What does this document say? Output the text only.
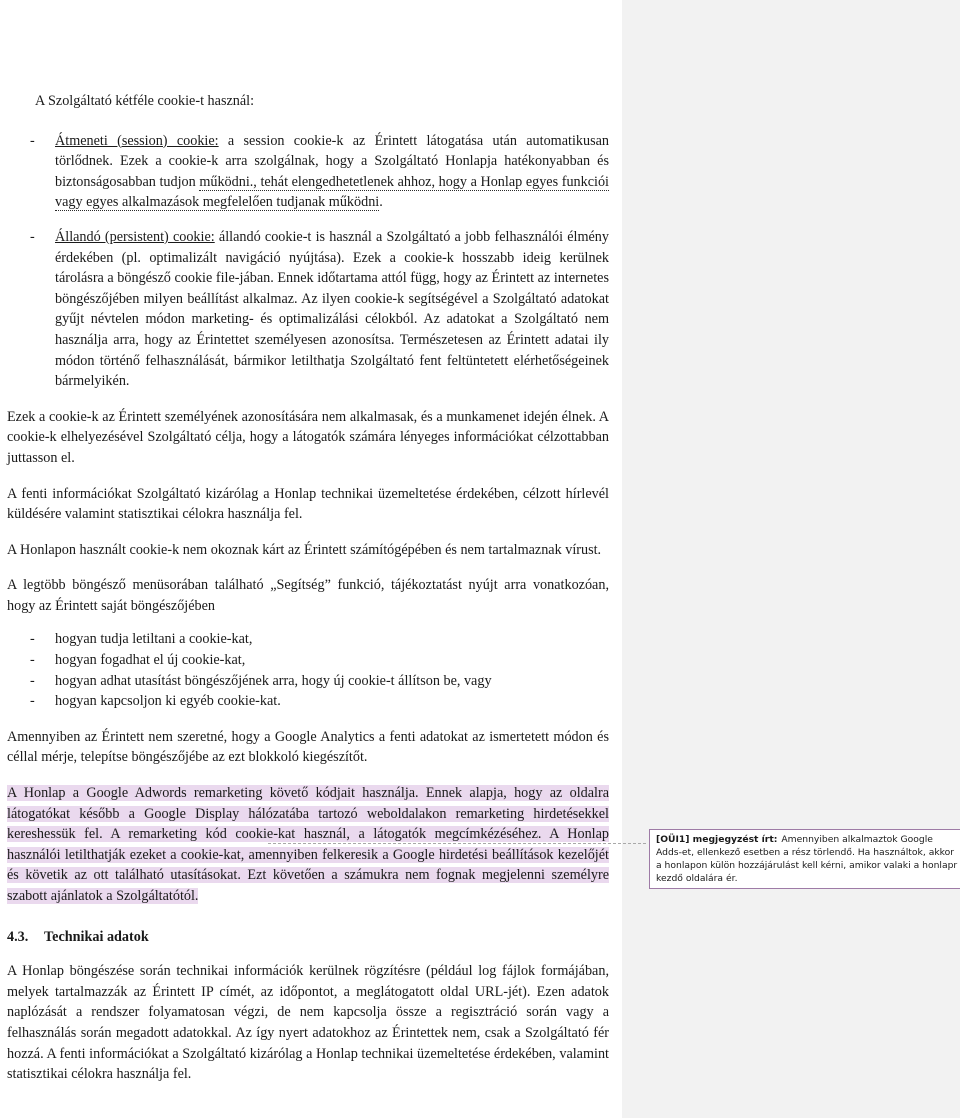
A Szolgáltató kétféle cookie-t használ:

-	Átmeneti (session) cookie: a session cookie-k az Érintett látogatása után automatikusan törlődnek. Ezek a cookie-k arra szolgálnak, hogy a Szolgáltató Honlapja hatékonyabban és biztonságosabban tudjon működni., tehát elengedhetetlenek ahhoz, hogy a Honlap egyes funkciói vagy egyes alkalmazások megfelelően tudjanak működni.
-	Állandó (persistent) cookie: állandó cookie-t is használ a Szolgáltató a jobb felhasználói élmény érdekében (pl. optimalizált navigáció nyújtása). Ezek a cookie-k hosszabb ideig kerülnek tárolásra a böngésző cookie file-jában. Ennek időtartama attól függ, hogy az Érintett az internetes böngészőjében milyen beállítást alkalmaz. Az ilyen cookie-k segítségével a Szolgáltató adatokat gyűjt névtelen módon marketing- és optimalizálási célokból. Az adatokat a Szolgáltató nem használja arra, hogy az Érintettet személyesen azonosítsa. Természetesen az Érintett adatai ily módon történő felhasználását, bármikor letilthatja Szolgáltató fent feltüntetett elérhetőségeinek bármelyikén.

Ezek a cookie-k az Érintett személyének azonosítására nem alkalmasak, és a munkamenet idején élnek. A cookie-k elhelyezésével Szolgáltató célja, hogy a látogatók számára lényeges információkat célzottabban juttasson el.

A fenti információkat Szolgáltató kizárólag a Honlap technikai üzemeltetése érdekében, célzott hírlevél küldésére valamint statisztikai célokra használja fel.

A Honlapon használt cookie-k nem okoznak kárt az Érintett számítógépében és nem tartalmaznak vírust.

A legtöbb böngésző menüsorában található „Segítség” funkció, tájékoztatást nyújt arra vonatkozóan, hogy az Érintett saját böngészőjében

-	hogyan tudja letiltani a cookie-kat,
-	hogyan fogadhat el új cookie-kat,
-	hogyan adhat utasítást böngészőjének arra, hogy új cookie-t állítson be, vagy
-	hogyan kapcsoljon ki egyéb cookie-kat.

Amennyiben az Érintett nem szeretné, hogy a Google Analytics a fenti adatokat az ismertetett módon és céllal mérje, telepítse böngészőjébe az ezt blokkoló kiegészítőt.

A Honlap a Google Adwords remarketing követő kódjait használja. Ennek alapja, hogy az oldalra látogatókat később a Google Display hálózatába tartozó weboldalakon remarketing hirdetésekkel kereshessük fel. A remarketing kód cookie-kat használ, a látogatók megcímkézéséhez. A Honlap használói letilthatják ezeket a cookie-kat, amennyiben felkeresik a Google hirdetési beállítások kezelőjét és követik az ott található utasításokat. Ezt követően a számukra nem fognak megjelenni személyre szabott ajánlatok a Szolgáltatótól.

4.3. Technikai adatok

A Honlap böngészése során technikai információk kerülnek rögzítésre (például log fájlok formájában, melyek tartalmazzák az Érintett IP címét, az időpontot, a meglátogatott oldal URL-jét). Ezen adatok naplózását a rendszer folyamatosan végzi, de nem kapcsolja össze a regisztráció során vagy a felhasználás során megadott adatokkal. Az így nyert adatokhoz az Érintettek nem, csak a Szolgáltató fér hozzá. A fenti információkat a Szolgáltató kizárólag a Honlap technikai üzemeltetése érdekében, valamint statisztikai célokra használja fel.

[OÜI1] megjegyzést írt: Amennyiben alkalmaztok Google Adds-et, ellenkező esetben a rész törlendő. Ha használtok, akkor a honlapon külön hozzájárulást kell kérni, amikor valaki a honlapr kezdő oldalára ér.
